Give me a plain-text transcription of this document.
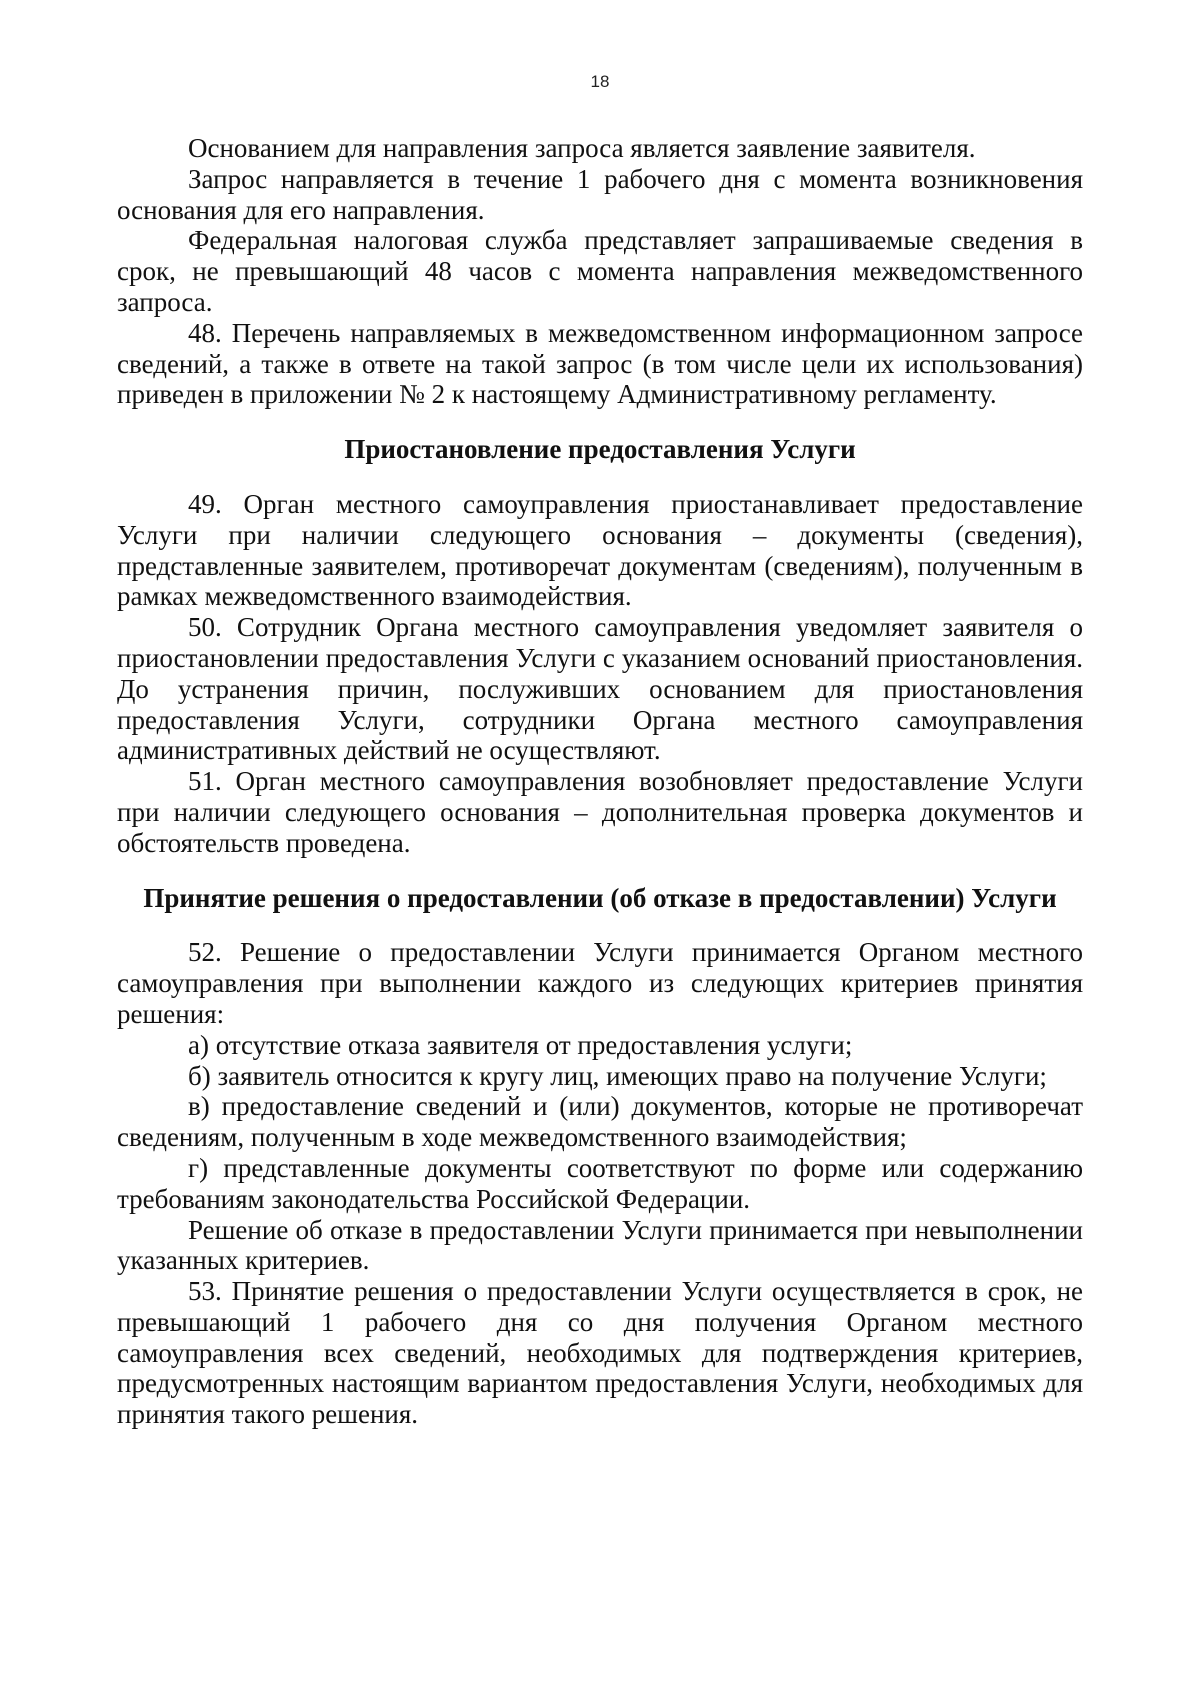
18

Основанием для направления запроса является заявление заявителя.

Запрос направляется в течение 1 рабочего дня с момента возникновения основания для его направления.

Федеральная налоговая служба представляет запрашиваемые сведения в срок, не превышающий 48 часов с момента направления межведомственного запроса.

48. Перечень направляемых в межведомственном информационном запросе сведений, а также в ответе на такой запрос (в том числе цели их использования) приведен в приложении № 2 к настоящему Административному регламенту.

Приостановление предоставления Услуги

49. Орган местного самоуправления приостанавливает предоставление Услуги при наличии следующего основания – документы (сведения), представленные заявителем, противоречат документам (сведениям), полученным в рамках межведомственного взаимодействия.

50. Сотрудник Органа местного самоуправления уведомляет заявителя о приостановлении предоставления Услуги с указанием оснований приостановления. До устранения причин, послуживших основанием для приостановления предоставления Услуги, сотрудники Органа местного самоуправления административных действий не осуществляют.

51. Орган местного самоуправления возобновляет предоставление Услуги при наличии следующего основания – дополнительная проверка документов и обстоятельств проведена.

Принятие решения о предоставлении (об отказе в предоставлении) Услуги

52. Решение о предоставлении Услуги принимается Органом местного самоуправления при выполнении каждого из следующих критериев принятия решения:

а) отсутствие отказа заявителя от предоставления услуги;

б) заявитель относится к кругу лиц, имеющих право на получение Услуги;

в) предоставление сведений и (или) документов, которые не противоречат сведениям, полученным в ходе межведомственного взаимодействия;

г) представленные документы соответствуют по форме или содержанию требованиям законодательства Российской Федерации.

Решение об отказе в предоставлении Услуги принимается при невыполнении указанных критериев.

53. Принятие решения о предоставлении Услуги осуществляется в срок, не превышающий 1 рабочего дня со дня получения Органом местного самоуправления всех сведений, необходимых для подтверждения критериев, предусмотренных настоящим вариантом предоставления Услуги, необходимых для принятия такого решения.
